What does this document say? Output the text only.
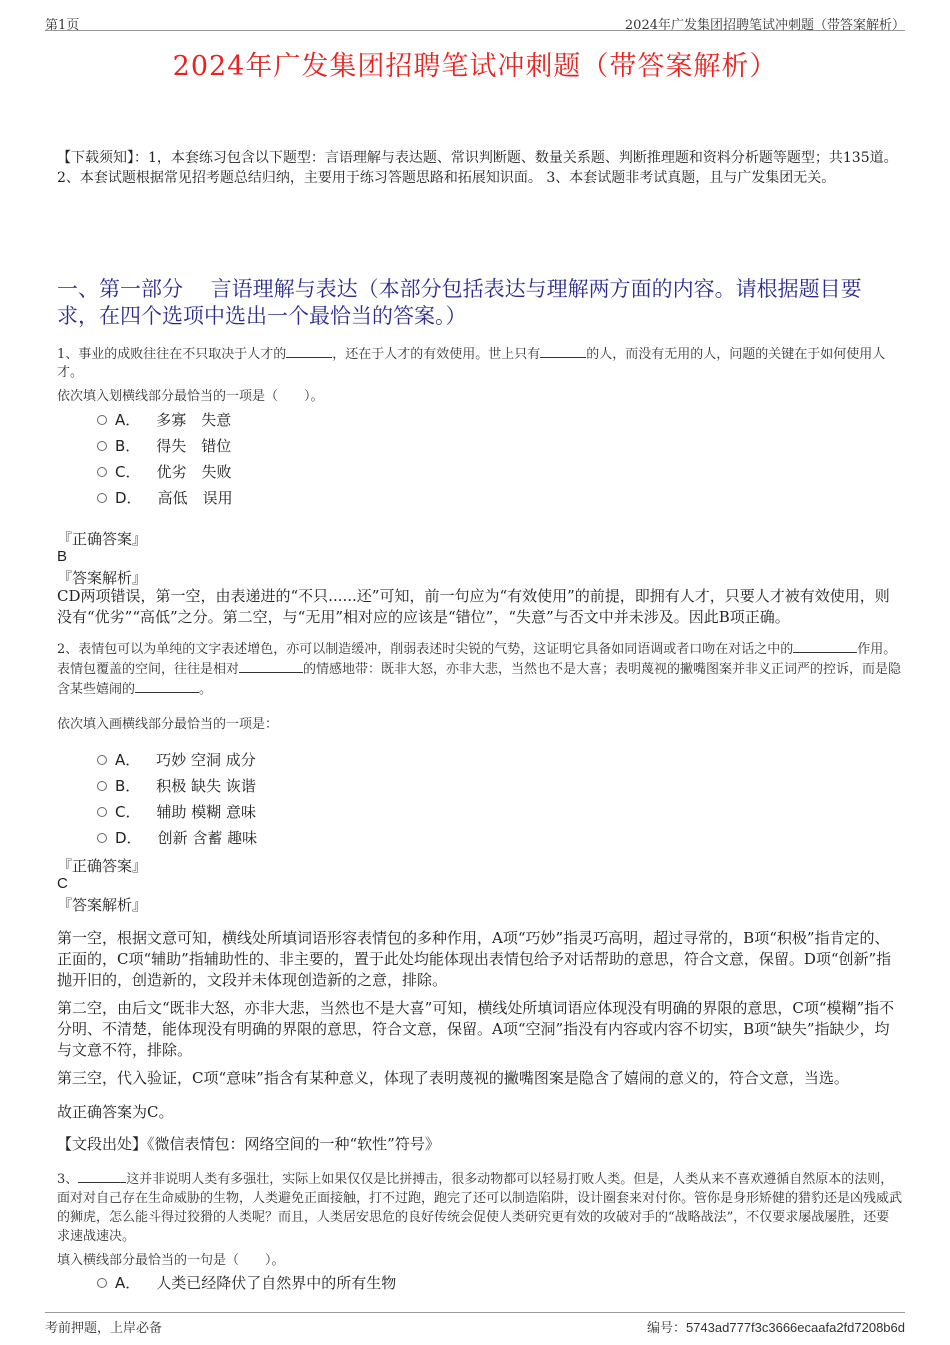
第1页	2024年广发集团招聘笔试冲刺题（带答案解析）
2024年广发集团招聘笔试冲刺题（带答案解析）
【下载须知】：1，本套练习包含以下题型：言语理解与表达题、常识判断题、数量关系题、判断推理题和资料分析题等题型；共135道。 2、本套试题根据常见招考题总结归纳，主要用于练习答题思路和拓展知识面。 3、本套试题非考试真题，且与广发集团无关。
一、第一部分　 言语理解与表达（本部分包括表达与理解两方面的内容。请根据题目要求，在四个选项中选出一个最恰当的答案。）
1、事业的成败往往在不只取决于人才的	，还在于人才的有效使用。世上只有	的人，而没有无用的人，问题的关键在于如何使用人才。
依次填入划横线部分最恰当的一项是（　　）。
A． 多寡　失意
B． 得失　错位
C． 优劣　失败
D． 高低　误用
『正确答案』
B
『答案解析』
CD两项错误，第一空，由表递进的“不只......还”可知，前一句应为“有效使用”的前提，即拥有人才，只要人才被有效使用，则没有“优劣”“高低”之分。第二空，与“无用”相对应的应该是“错位”，“失意”与否文中并未涉及。因此B项正确。
2、表情包可以为单纯的文字表述增色，亦可以制造缓冲，削弱表述时尖锐的气势，这证明它具备如同语调或者口吻在对话之中的	作用。表情包覆盖的空间，往往是相对	的情感地带：既非大怒，亦非大悲，当然也不是大喜；表明蔑视的撇嘴图案并非义正词严的控诉，而是隐含某些嬉闹的	。
依次填入画横线部分最恰当的一项是：
A． 巧妙 空洞 成分
B． 积极 缺失 诙谐
C． 辅助 模糊 意味
D． 创新 含蓄 趣味
『正确答案』
C
『答案解析』
第一空，根据文意可知，横线处所填词语形容表情包的多种作用，A项“巧妙”指灵巧高明，超过寻常的，B项“积极”指肯定的、正面的，C项“辅助”指辅助性的、非主要的，置于此处均能体现出表情包给予对话帮助的意思，符合文意，保留。D项“创新”指抛开旧的，创造新的，文段并未体现创造新的之意，排除。
第二空，由后文“既非大怒，亦非大悲，当然也不是大喜”可知，横线处所填词语应体现没有明确的界限的意思，C项“模糊”指不分明、不清楚，能体现没有明确的界限的意思，符合文意，保留。A项“空洞”指没有内容或内容不切实，B项“缺失”指缺少，均与文意不符，排除。
第三空，代入验证，C项“意味”指含有某种意义，体现了表明蔑视的撇嘴图案是隐含了嬉闹的意义的，符合文意，当选。
故正确答案为C。
【文段出处】《微信表情包：网络空间的一种“软性”符号》
3、	这并非说明人类有多强壮，实际上如果仅仅是比拼搏击，很多动物都可以轻易打败人类。但是，人类从来不喜欢遵循自然原本的法则，面对对自己存在生命威胁的生物，人类避免正面接触，打不过跑，跑完了还可以制造陷阱，设计圈套来对付你。管你是身形矫健的猎豹还是凶残威武的狮虎，怎么能斗得过狡猾的人类呢？而且，人类居安思危的良好传统会促使人类研究更有效的攻破对手的“战略战法”，不仅要求屡战屡胜，还要求速战速决。
填入横线部分最恰当的一句是（　　）。
A． 人类已经降伏了自然界中的所有生物
考前押题，上岸必备	编号：5743ad777f3c3666ecaafa2fd7208b6d
